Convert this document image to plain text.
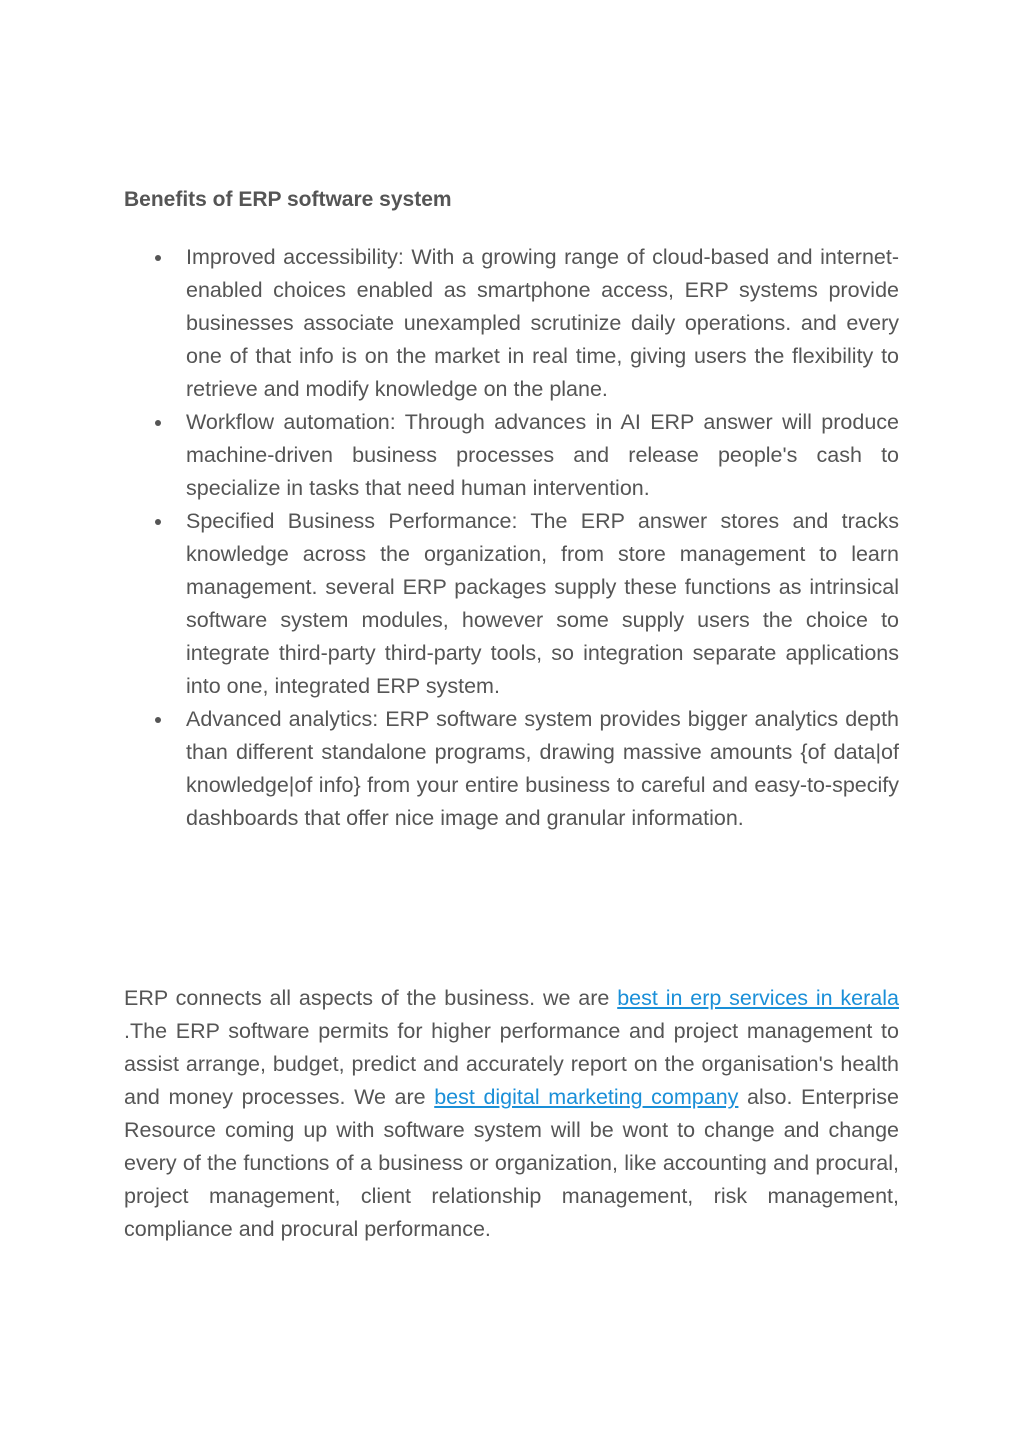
Benefits of ERP software system
Improved accessibility: With a growing range of cloud-based and internet-enabled choices enabled as smartphone access, ERP systems provide businesses associate unexampled scrutinize daily operations. and every one of that info is on the market in real time, giving users the flexibility to retrieve and modify knowledge on the plane.
Workflow automation: Through advances in AI ERP answer will produce machine-driven business processes and release people's cash to specialize in tasks that need human intervention.
Specified Business Performance: The ERP answer stores and tracks knowledge across the organization, from store management to learn management. several ERP packages supply these functions as intrinsical software system modules, however some supply users the choice to integrate third-party third-party tools, so integration separate applications into one, integrated ERP system.
Advanced analytics: ERP software system provides bigger analytics depth than different standalone programs, drawing massive amounts {of data|of knowledge|of info} from your entire business to careful and easy-to-specify dashboards that offer nice image and granular information.

ERP connects all aspects of the business. we are best in erp services in kerala .The ERP software permits for higher performance and project management to assist arrange, budget, predict and accurately report on the organisation's health and money processes. We are best digital marketing company also. Enterprise Resource coming up with software system will be wont to change and change every of the functions of a business or organization, like accounting and procural, project management, client relationship management, risk management, compliance and procural performance.
